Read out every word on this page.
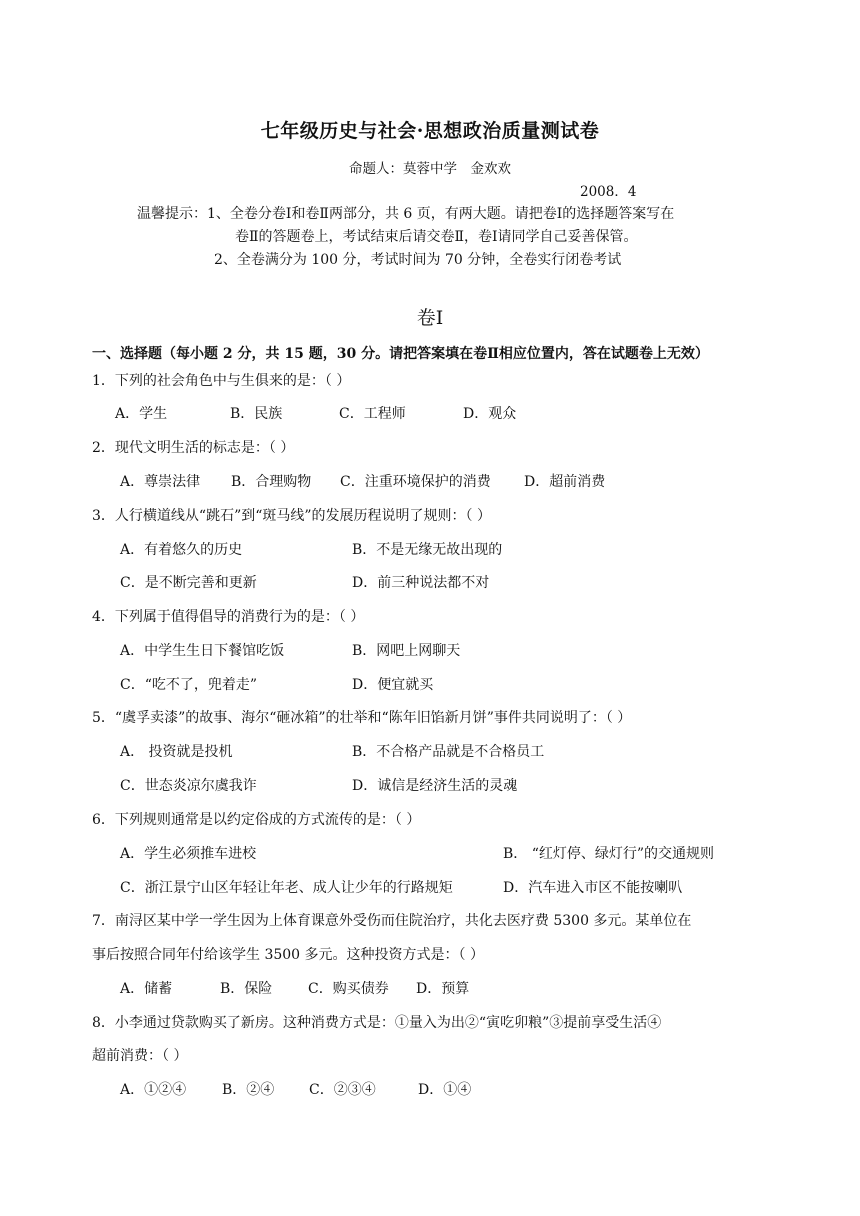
七年级历史与社会·思想政治质量测试卷
命题人：莫蓉中学　金欢欢
2008．4
温馨提示：1、全卷分卷Ⅰ和卷Ⅱ两部分，共 6 页，有两大题。请把卷Ⅰ的选择题答案写在
卷Ⅱ的答题卷上，考试结束后请交卷Ⅱ，卷Ⅰ请同学自己妥善保管。
2、全卷满分为 100 分，考试时间为 70 分钟，全卷实行闭卷考试
卷Ⅰ
一、选择题（每小题 2 分，共 15 题，30 分。请把答案填在卷Ⅱ相应位置内，答在试题卷上无效）
1．下列的社会角色中与生俱来的是：（ ）
A．学生	B．民族	C．工程师	D．观众
2．现代文明生活的标志是：（ ）
A．尊崇法律 B．合理购物 C．注重环境保护的消费 D．超前消费
3．人行横道线从“跳石”到“斑马线”的发展历程说明了规则：（ ）
A．有着悠久的历史	B．不是无缘无故出现的
C．是不断完善和更新	D．前三种说法都不对
4．下列属于值得倡导的消费行为的是：（ ）
A．中学生生日下餐馆吃饭	B．网吧上网聊天
C．“吃不了，兜着走”	D．便宜就买
5．“虞孚卖漆”的故事、海尔“砸冰箱”的壮举和“陈年旧馅新月饼”事件共同说明了：（ ）
A． 投资就是投机	B．不合格产品就是不合格员工
C．世态炎凉尔虞我诈	D．诚信是经济生活的灵魂
6．下列规则通常是以约定俗成的方式流传的是：（ ）
A．学生必须推车进校	B． “红灯停、绿灯行”的交通规则
C．浙江景宁山区年轻让年老、成人让少年的行路规矩	D．汽车进入市区不能按喇叭
7．南浔区某中学一学生因为上体育课意外受伤而住院治疗，共化去医疗费 5300 多元。某单位在
事后按照合同年付给该学生 3500 多元。这种投资方式是：（ ）
A．储蓄	B．保险	C．购买债券 D．预算
8．小李通过贷款购买了新房。这种消费方式是：①量入为出②“寅吃卯粮”③提前享受生活④
超前消费：（ ）
A．①②④	B．②④ C．②③④	D．①④
